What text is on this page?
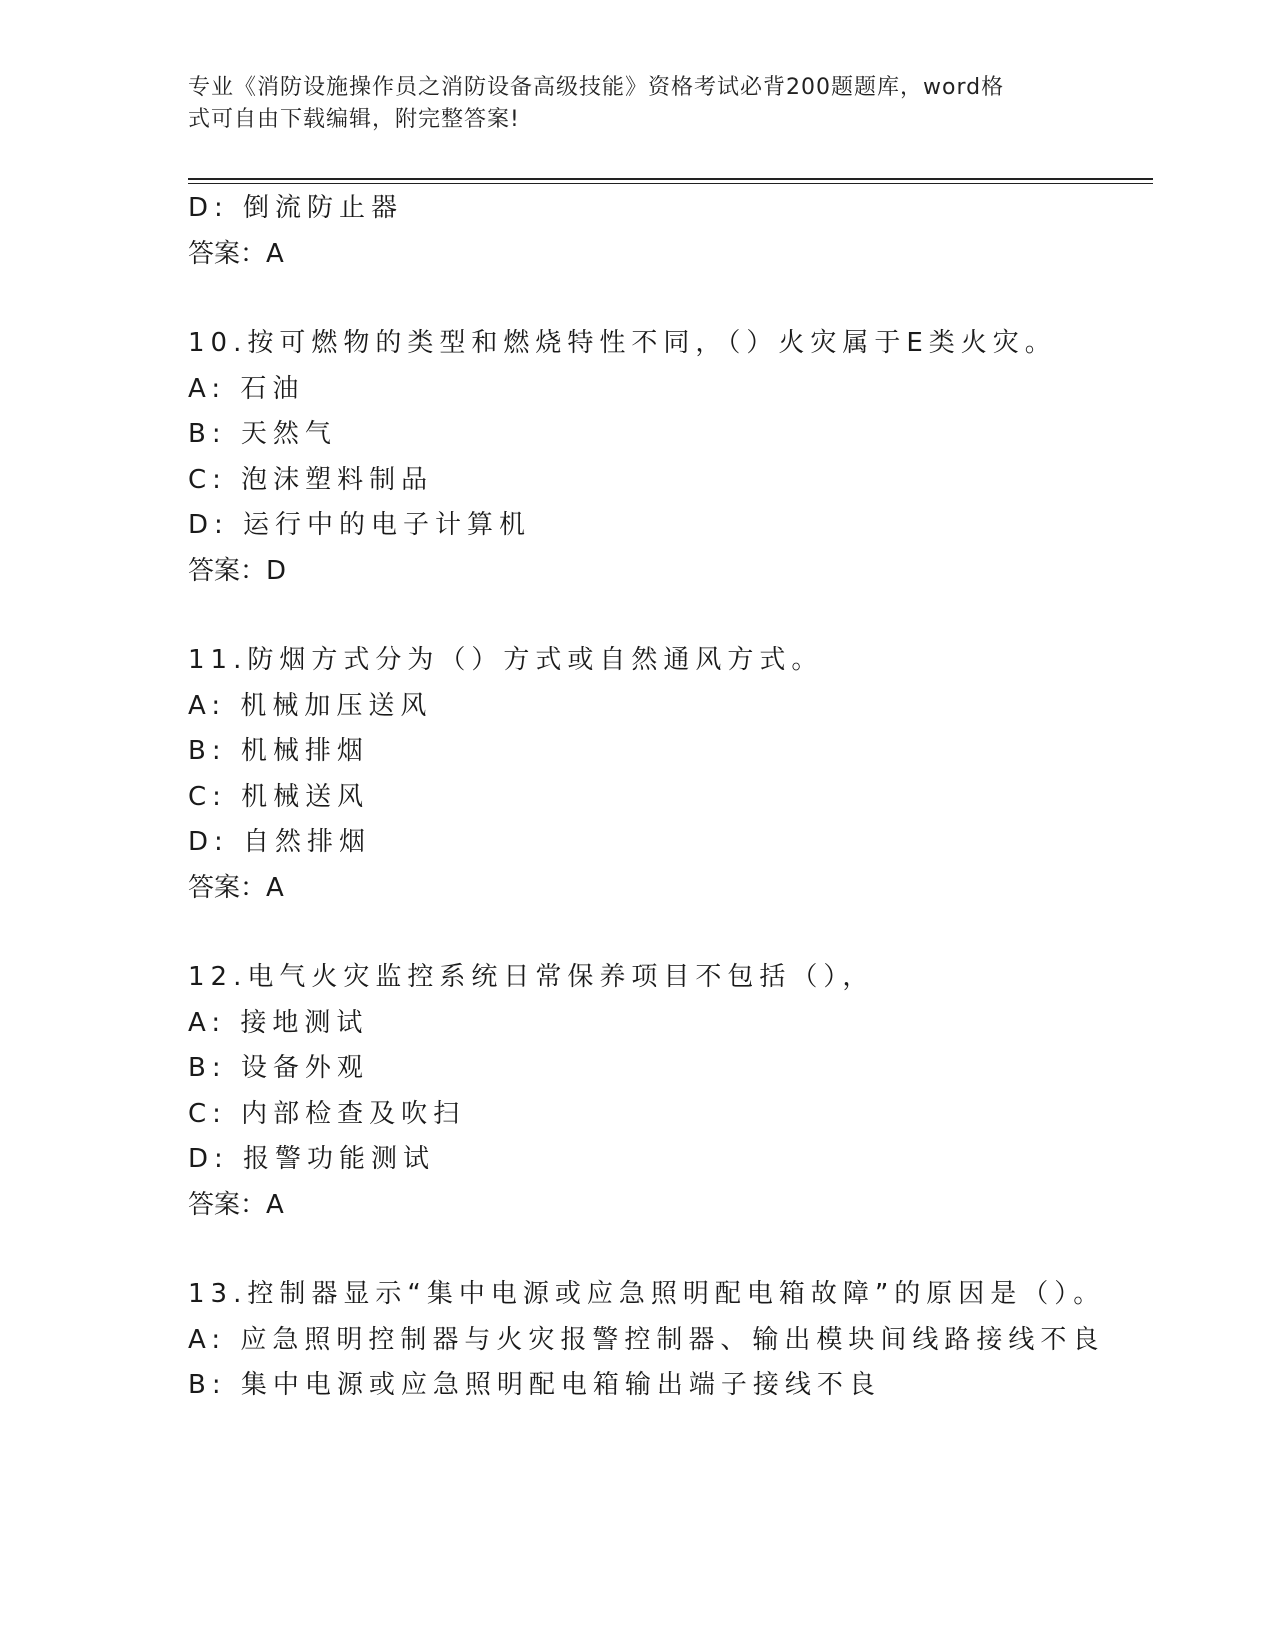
专业《消防设施操作员之消防设备高级技能》资格考试必背200题题库，word格
式可自由下载编辑，附完整答案!
D: 倒流防止器
答案：A
10.按可燃物的类型和燃烧特性不同，（）火灾属于E类火灾。
A: 石油
B: 天然气
C: 泡沫塑料制品
D: 运行中的电子计算机
答案：D
11.防烟方式分为（）方式或自然通风方式。
A: 机械加压送风
B: 机械排烟
C: 机械送风
D: 自然排烟
答案：A
12.电气火灾监控系统日常保养项目不包括（），
A: 接地测试
B: 设备外观
C: 内部检查及吹扫
D: 报警功能测试
答案：A
13.控制器显示“集中电源或应急照明配电箱故障”的原因是（）。
A: 应急照明控制器与火灾报警控制器、输出模块间线路接线不良
B: 集中电源或应急照明配电箱输出端子接线不良
